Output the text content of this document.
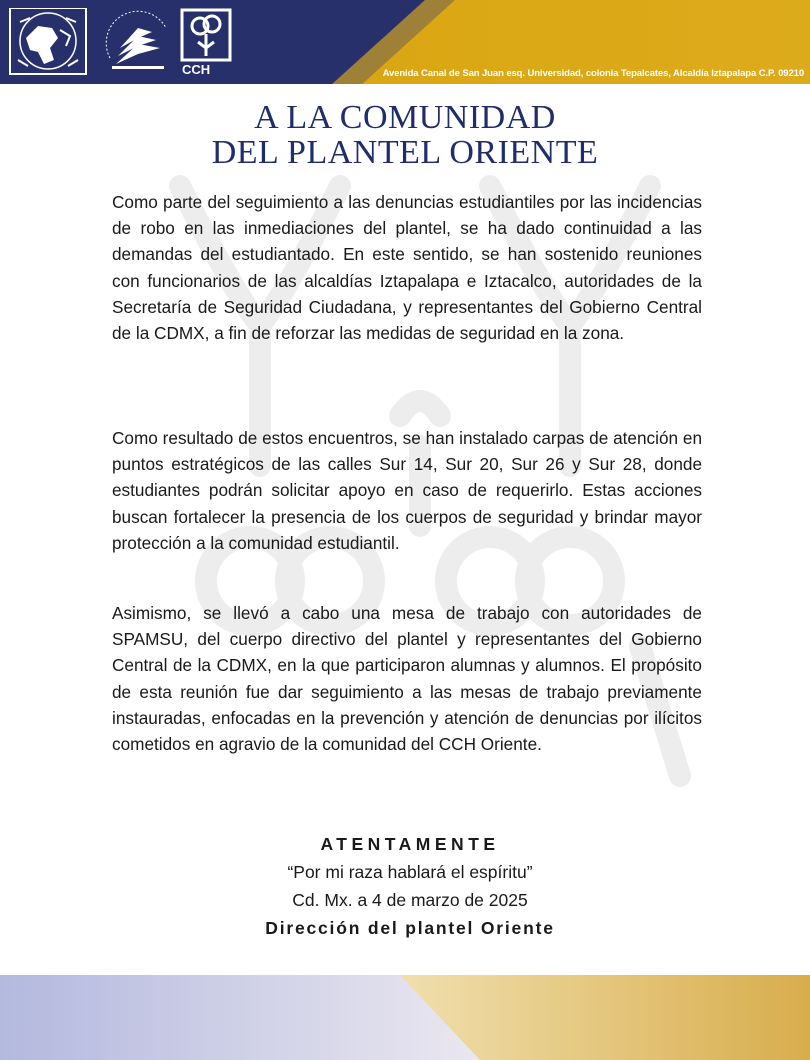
CCH	Avenida Canal de San Juan esq. Universidad, colonia Tepalcates, Alcaldía Iztapalapa C.P. 09210
A LA COMUNIDAD
DEL PLANTEL ORIENTE
Como parte del seguimiento a las denuncias estudiantiles por las incidencias de robo en las inmediaciones del plantel, se ha dado continuidad a las demandas del estudiantado. En este sentido, se han sostenido reuniones con funcionarios de las alcaldías Iztapalapa e Iztacalco, autoridades de la Secretaría de Seguridad Ciudadana, y representantes del Gobierno Central de la CDMX, a fin de reforzar las medidas de seguridad en la zona.
Como resultado de estos encuentros, se han instalado carpas de atención en puntos estratégicos de las calles Sur 14, Sur 20, Sur 26 y Sur 28, donde estudiantes podrán solicitar apoyo en caso de requerirlo. Estas acciones buscan fortalecer la presencia de los cuerpos de seguridad y brindar mayor protección a la comunidad estudiantil.
Asimismo, se llevó a cabo una mesa de trabajo con autoridades de SPAMSU, del cuerpo directivo del plantel y representantes del Gobierno Central de la CDMX, en la que participaron alumnas y alumnos. El propósito de esta reunión fue dar seguimiento a las mesas de trabajo previamente instauradas, enfocadas en la prevención y atención de denuncias por ilícitos cometidos en agravio de la comunidad del CCH Oriente.
ATENTAMENTE
“Por mi raza hablará el espíritu”
Cd. Mx. a 4 de marzo de 2025
Dirección del plantel Oriente
